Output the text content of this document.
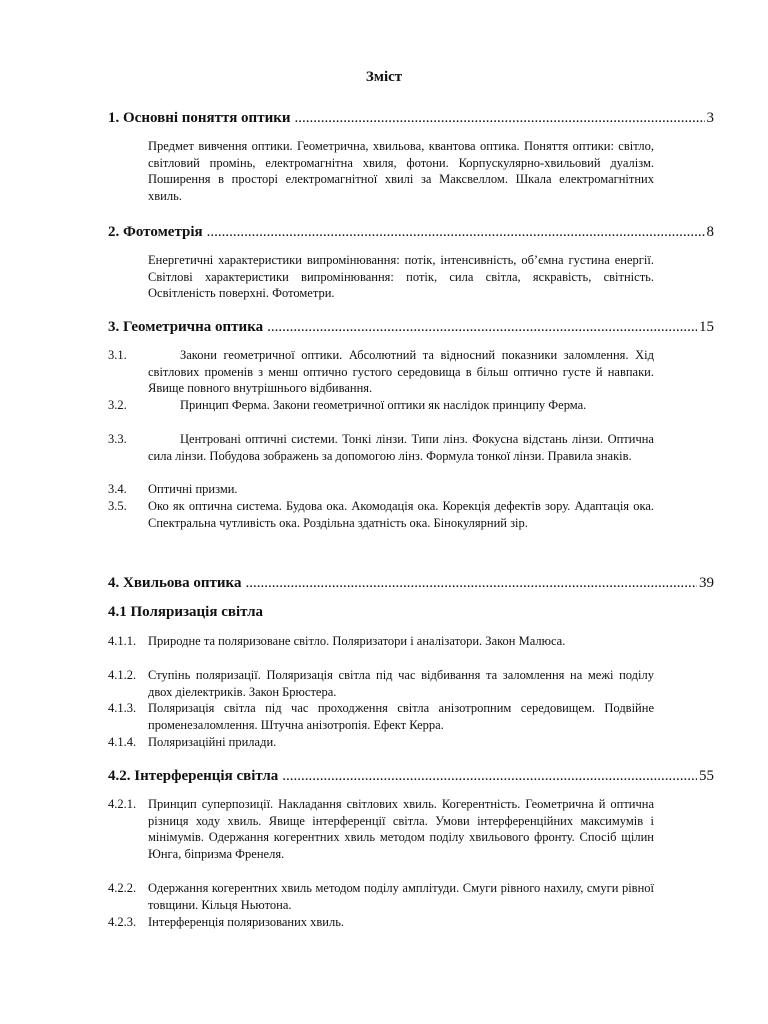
Зміст
1. Основні поняття оптики .....	3
Предмет вивчення оптики. Геометрична, хвильова, квантова оптика. Поняття оптики: світло, світловий промінь, електромагнітна хвиля, фотони. Корпускулярно-хвильовий дуалізм. Поширення в просторі електромагнітної хвилі за Максвеллом. Шкала електромагнітних хвиль.
2. Фотометрія .....	8
Енергетичні характеристики випромінювання: потік, інтенсивність, об’ємна густина енергії. Світлові характеристики випромінювання: потік, сила світла, яскравість, світність. Освітленість поверхні. Фотометри.
3. Геометрична оптика .....	15
3.1.	Закони геометричної оптики. Абсолютний та відносний показники заломлення. Хід світлових променів з менш оптично густого середовища в більш оптично густе й навпаки. Явище повного внутрішнього відбивання.
3.2.	Принцип Ферма. Закони геометричної оптики як наслідок принципу Ферма.
3.3.	Центровані оптичні системи. Тонкі лінзи. Типи лінз. Фокусна відстань лінзи. Оптична сила лінзи. Побудова зображень за допомогою лінз. Формула тонкої лінзи. Правила знаків.
3.4. Оптичні призми.
3.5. Око як оптична система. Будова ока. Акомодація ока. Корекція дефектів зору. Адаптація ока. Спектральна чутливість ока. Роздільна здатність ока. Бінокулярний зір.
4. Хвильова оптика .....	39
4.1 Поляризація світла
4.1.1. Природне та поляризоване світло. Поляризатори і аналізатори. Закон Малюса.
4.1.2. Ступінь поляризації. Поляризація світла під час відбивання та заломлення на межі поділу двох діелектриків. Закон Брюстера.
4.1.3. Поляризація світла під час проходження світла анізотропним середовищем. Подвійне променезаломлення. Штучна анізотропія. Ефект Керра.
4.1.4. Поляризаційні прилади.
4.2. Інтерференція світла .....	55
4.2.1. Принцип суперпозиції. Накладання світлових хвиль. Когерентність. Геометрична й оптична різниця ходу хвиль. Явище інтерференції світла. Умови інтерференційних максимумів і мінімумів. Одержання когерентних хвиль методом поділу хвильового фронту. Спосіб щілин Юнга, біпризма Френеля.
4.2.2. Одержання когерентних хвиль методом поділу амплітуди. Смуги рівного нахилу, смуги рівної товщини. Кільця Ньютона.
4.2.3. Інтерференція поляризованих хвиль.
